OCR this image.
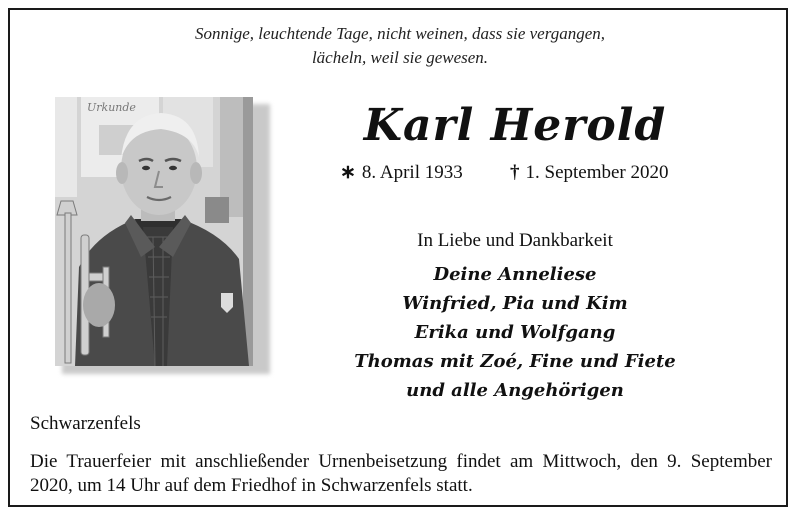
Sonnige, leuchtende Tage, nicht weinen, dass sie vergangen,
lächeln, weil sie gewesen.
Urkunde	Karl Herold
∗ 8. April 1933 † 1. September 2020
In Liebe und Dankbarkeit
Deine Anneliese
Winfried, Pia und Kim
Erika und Wolfgang
Thomas mit Zoé, Fine und Fiete
und alle Angehörigen
Schwarzenfels
Die Trauerfeier mit anschließender Urnenbeisetzung findet am Mittwoch, den 9. September 2020, um 14 Uhr auf dem Friedhof in Schwarzenfels statt.
